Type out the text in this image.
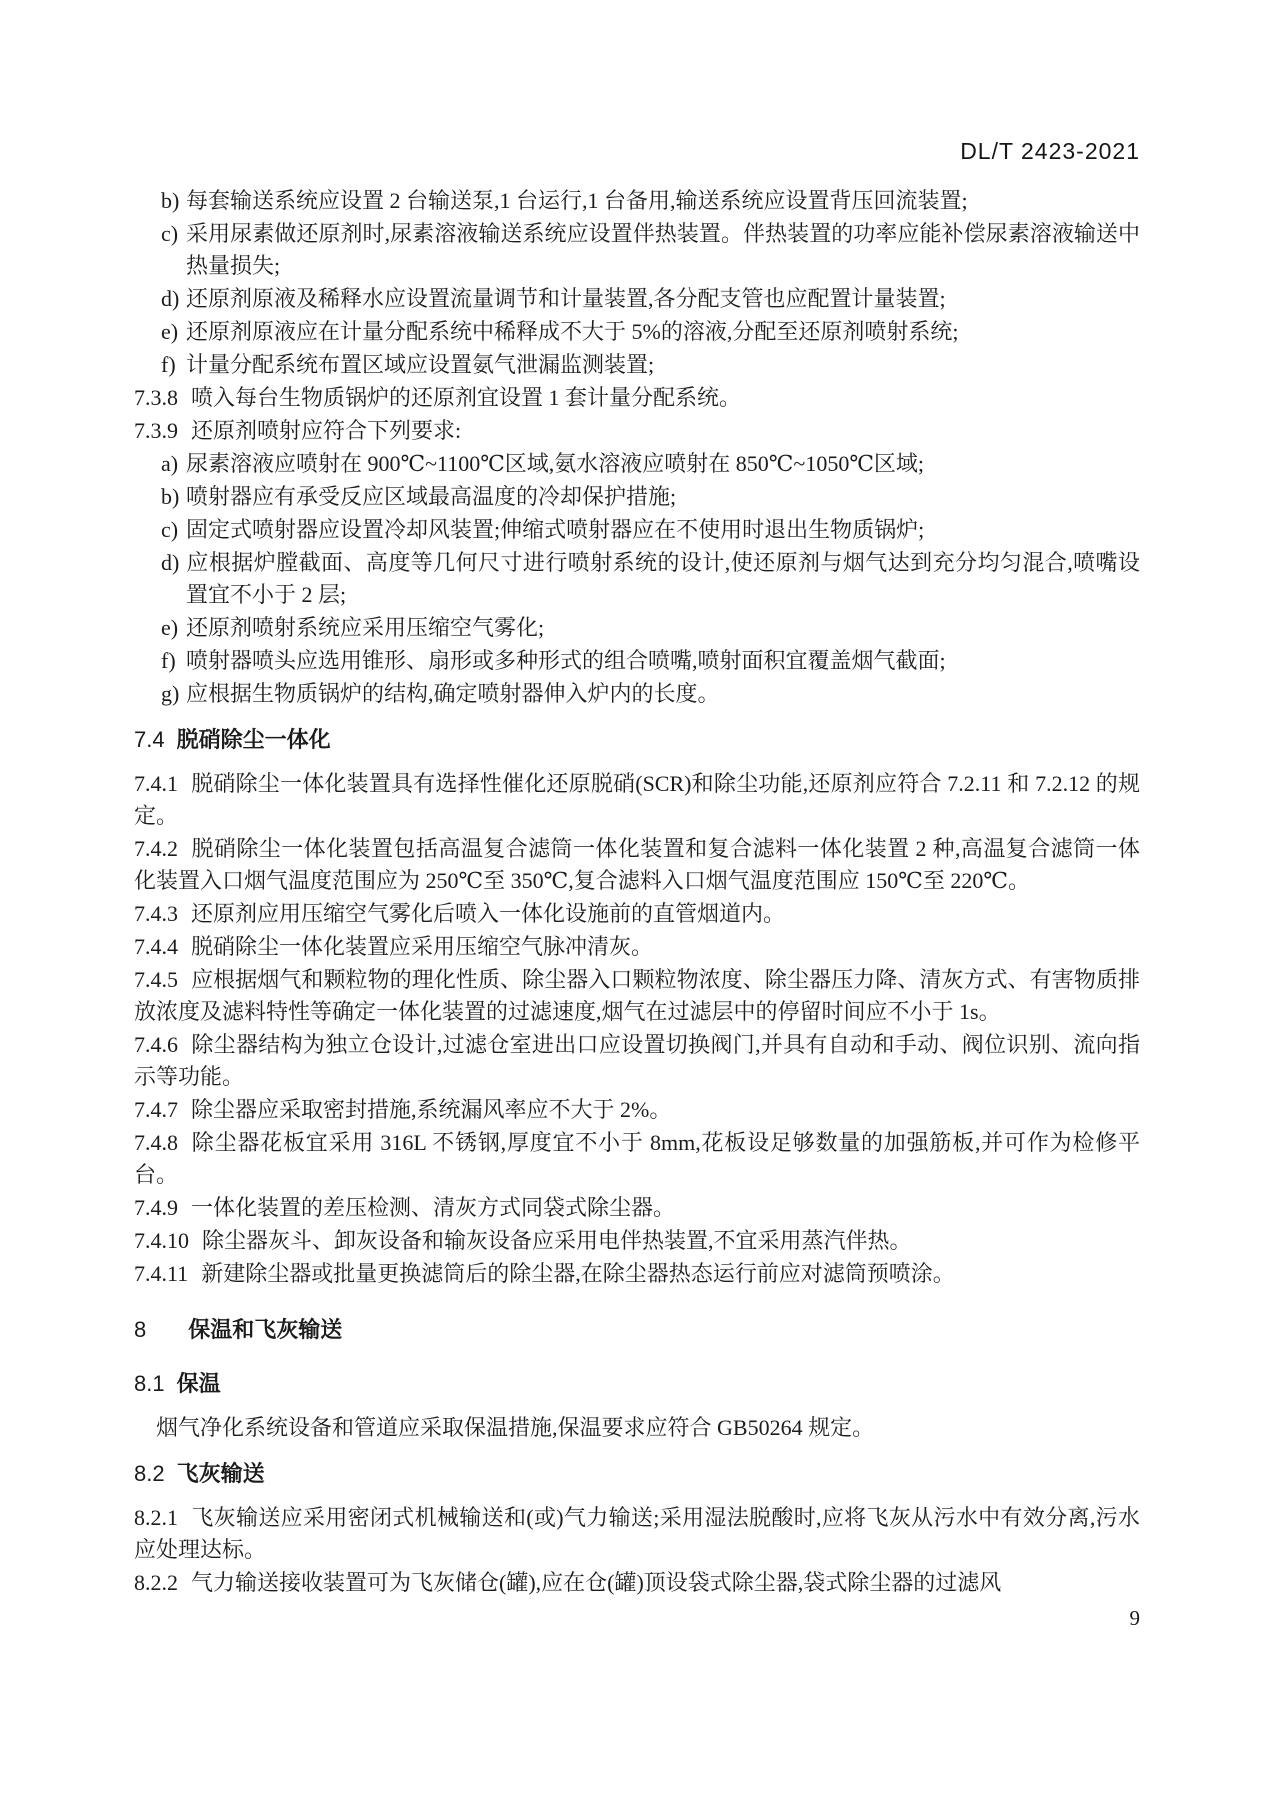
DL/T 2423-2021
b) 每套输送系统应设置 2 台输送泵,1 台运行,1 台备用,输送系统应设置背压回流装置;
c) 采用尿素做还原剂时,尿素溶液输送系统应设置伴热装置。伴热装置的功率应能补偿尿素溶液输送中热量损失;
d) 还原剂原液及稀释水应设置流量调节和计量装置,各分配支管也应配置计量装置;
e) 还原剂原液应在计量分配系统中稀释成不大于 5%的溶液,分配至还原剂喷射系统;
f) 计量分配系统布置区域应设置氨气泄漏监测装置;
7.3.8 喷入每台生物质锅炉的还原剂宜设置 1 套计量分配系统。
7.3.9 还原剂喷射应符合下列要求:
a) 尿素溶液应喷射在 900℃~1100℃区域,氨水溶液应喷射在 850℃~1050℃区域;
b) 喷射器应有承受反应区域最高温度的冷却保护措施;
c) 固定式喷射器应设置冷却风装置;伸缩式喷射器应在不使用时退出生物质锅炉;
d) 应根据炉膛截面、高度等几何尺寸进行喷射系统的设计,使还原剂与烟气达到充分均匀混合,喷嘴设置宜不小于 2 层;
e) 还原剂喷射系统应采用压缩空气雾化;
f) 喷射器喷头应选用锥形、扇形或多种形式的组合喷嘴,喷射面积宜覆盖烟气截面;
g) 应根据生物质锅炉的结构,确定喷射器伸入炉内的长度。
7.4 脱硝除尘一体化
7.4.1 脱硝除尘一体化装置具有选择性催化还原脱硝(SCR)和除尘功能,还原剂应符合 7.2.11 和 7.2.12 的规定。
7.4.2 脱硝除尘一体化装置包括高温复合滤筒一体化装置和复合滤料一体化装置 2 种,高温复合滤筒一体化装置入口烟气温度范围应为 250℃至 350℃,复合滤料入口烟气温度范围应 150℃至 220℃。
7.4.3 还原剂应用压缩空气雾化后喷入一体化设施前的直管烟道内。
7.4.4 脱硝除尘一体化装置应采用压缩空气脉冲清灰。
7.4.5 应根据烟气和颗粒物的理化性质、除尘器入口颗粒物浓度、除尘器压力降、清灰方式、有害物质排放浓度及滤料特性等确定一体化装置的过滤速度,烟气在过滤层中的停留时间应不小于 1s。
7.4.6 除尘器结构为独立仓设计,过滤仓室进出口应设置切换阀门,并具有自动和手动、阀位识别、流向指示等功能。
7.4.7 除尘器应采取密封措施,系统漏风率应不大于 2%。
7.4.8 除尘器花板宜采用 316L 不锈钢,厚度宜不小于 8mm,花板设足够数量的加强筋板,并可作为检修平台。
7.4.9 一体化装置的差压检测、清灰方式同袋式除尘器。
7.4.10 除尘器灰斗、卸灰设备和输灰设备应采用电伴热装置,不宜采用蒸汽伴热。
7.4.11 新建除尘器或批量更换滤筒后的除尘器,在除尘器热态运行前应对滤筒预喷涂。
8 保温和飞灰输送
8.1 保温
烟气净化系统设备和管道应采取保温措施,保温要求应符合 GB50264 规定。
8.2 飞灰输送
8.2.1 飞灰输送应采用密闭式机械输送和(或)气力输送;采用湿法脱酸时,应将飞灰从污水中有效分离,污水应处理达标。
8.2.2 气力输送接收装置可为飞灰储仓(罐),应在仓(罐)顶设袋式除尘器,袋式除尘器的过滤风
9
